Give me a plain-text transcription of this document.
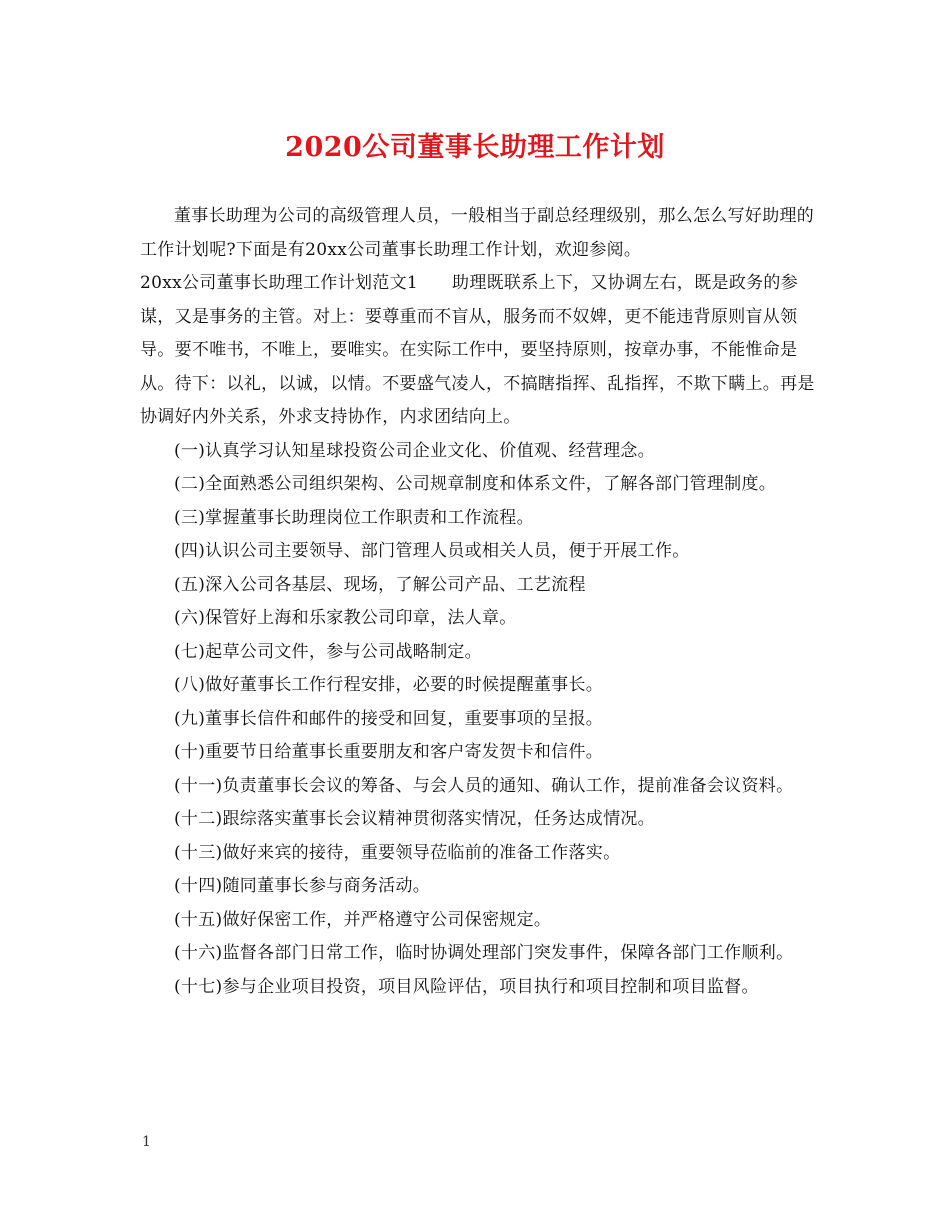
2020公司董事长助理工作计划

董事长助理为公司的高级管理人员，一般相当于副总经理级别，那么怎么写好助理的工作计划呢?下面是有20xx公司董事长助理工作计划，欢迎参阅。

20xx公司董事长助理工作计划范文1 助理既联系上下，又协调左右，既是政务的参谋，又是事务的主管。对上：要尊重而不盲从，服务而不奴婢，更不能违背原则盲从领导。要不唯书，不唯上，要唯实。在实际工作中，要坚持原则，按章办事，不能惟命是从。待下：以礼，以诚，以情。不要盛气凌人，不搞瞎指挥、乱指挥，不欺下瞒上。再是协调好内外关系，外求支持协作，内求团结向上。

(一)认真学习认知星球投资公司企业文化、价值观、经营理念。

(二)全面熟悉公司组织架构、公司规章制度和体系文件，了解各部门管理制度。

(三)掌握董事长助理岗位工作职责和工作流程。

(四)认识公司主要领导、部门管理人员或相关人员，便于开展工作。

(五)深入公司各基层、现场，了解公司产品、工艺流程

(六)保管好上海和乐家教公司印章，法人章。

(七)起草公司文件，参与公司战略制定。

(八)做好董事长工作行程安排，必要的时候提醒董事长。

(九)董事长信件和邮件的接受和回复，重要事项的呈报。

(十)重要节日给董事长重要朋友和客户寄发贺卡和信件。

(十一)负责董事长会议的筹备、与会人员的通知、确认工作，提前准备会议资料。

(十二)跟综落实董事长会议精神贯彻落实情况，任务达成情况。

(十三)做好来宾的接待，重要领导莅临前的准备工作落实。

(十四)随同董事长参与商务活动。

(十五)做好保密工作，并严格遵守公司保密规定。

(十六)监督各部门日常工作，临时协调处理部门突发事件，保障各部门工作顺利。

(十七)参与企业项目投资，项目风险评估，项目执行和项目控制和项目监督。

1
